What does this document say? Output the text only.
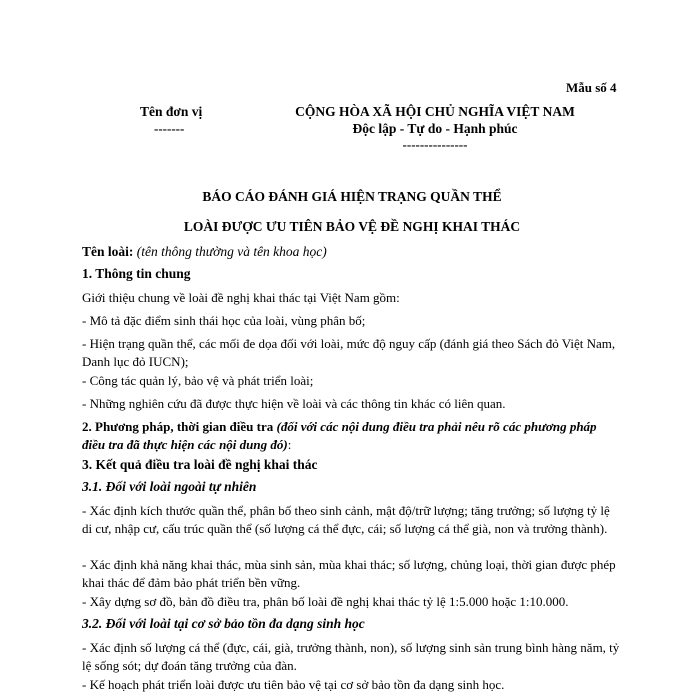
Mẫu số 4
Tên đơn vị
-------
CỘNG HÒA XÃ HỘI CHỦ NGHĨA VIỆT NAM
Độc lập - Tự do - Hạnh phúc
---------------
BÁO CÁO ĐÁNH GIÁ HIỆN TRẠNG QUẦN THỂ
LOÀI ĐƯỢC ƯU TIÊN BẢO VỆ ĐỀ NGHỊ KHAI THÁC
Tên loài: (tên thông thường và tên khoa học)
1. Thông tin chung
Giới thiệu chung về loài đề nghị khai thác tại Việt Nam gồm:
- Mô tả đặc điểm sinh thái học của loài, vùng phân bố;
- Hiện trạng quần thể, các mối đe dọa đối với loài, mức độ nguy cấp (đánh giá theo Sách đỏ Việt Nam, Danh lục đỏ IUCN);
- Công tác quản lý, bảo vệ và phát triển loài;
- Những nghiên cứu đã được thực hiện về loài và các thông tin khác có liên quan.
2. Phương pháp, thời gian điều tra (đối với các nội dung điều tra phải nêu rõ các phương pháp điều tra đã thực hiện các nội dung đó):
3. Kết quả điều tra loài đề nghị khai thác
3.1. Đối với loài ngoài tự nhiên
- Xác định kích thước quần thể, phân bố theo sinh cảnh, mật độ/trữ lượng; tăng trưởng; số lượng tỷ lệ di cư, nhập cư, cấu trúc quần thể (số lượng cá thể đực, cái; số lượng cá thể già, non và trưởng thành).
- Xác định khả năng khai thác, mùa sinh sản, mùa khai thác; số lượng, chủng loại, thời gian được phép khai thác để đảm bảo phát triển bền vững.
- Xây dựng sơ đồ, bản đồ điều tra, phân bố loài đề nghị khai thác tỷ lệ 1:5.000 hoặc 1:10.000.
3.2. Đối với loài tại cơ sở bảo tồn đa dạng sinh học
- Xác định số lượng cá thể (đực, cái, già, trưởng thành, non), số lượng sinh sản trung bình hàng năm, tỷ lệ sống sót; dự đoán tăng trưởng của đàn.
- Kế hoạch phát triển loài được ưu tiên bảo vệ tại cơ sở bảo tồn đa dạng sinh học.
